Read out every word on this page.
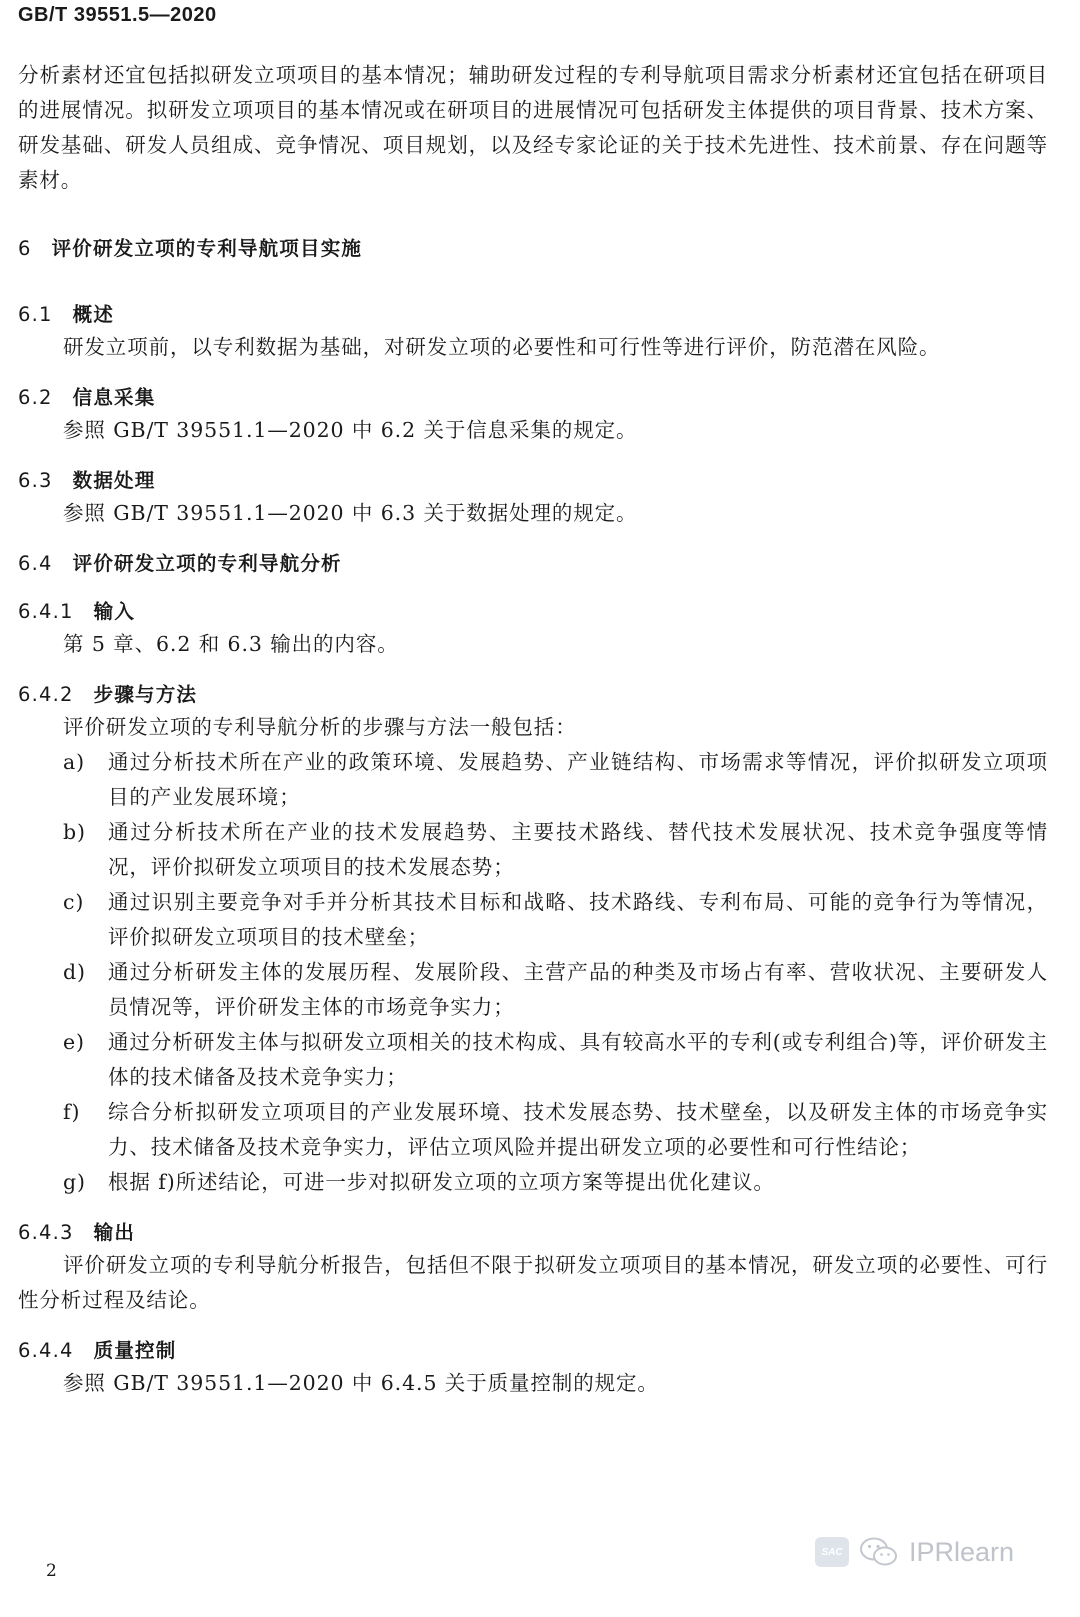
GB/T 39551.5—2020

分析素材还宜包括拟研发立项项目的基本情况；辅助研发过程的专利导航项目需求分析素材还宜包括在研项目的进展情况。拟研发立项项目的基本情况或在研项目的进展情况可包括研发主体提供的项目背景、技术方案、研发基础、研发人员组成、竞争情况、项目规划，以及经专家论证的关于技术先进性、技术前景、存在问题等素材。

6 评价研发立项的专利导航项目实施
6.1 概述

研发立项前，以专利数据为基础，对研发立项的必要性和可行性等进行评价，防范潜在风险。

6.2 信息采集

参照 GB/T 39551.1—2020 中 6.2 关于信息采集的规定。

6.3 数据处理

参照 GB/T 39551.1—2020 中 6.3 关于数据处理的规定。

6.4 评价研发立项的专利导航分析
6.4.1 输入

第 5 章、6.2 和 6.3 输出的内容。

6.4.2 步骤与方法

评价研发立项的专利导航分析的步骤与方法一般包括：

a) 通过分析技术所在产业的政策环境、发展趋势、产业链结构、市场需求等情况，评价拟研发立项项目的产业发展环境；
b) 通过分析技术所在产业的技术发展趋势、主要技术路线、替代技术发展状况、技术竞争强度等情况，评价拟研发立项项目的技术发展态势；
c) 通过识别主要竞争对手并分析其技术目标和战略、技术路线、专利布局、可能的竞争行为等情况，评价拟研发立项项目的技术壁垒；
d) 通过分析研发主体的发展历程、发展阶段、主营产品的种类及市场占有率、营收状况、主要研发人员情况等，评价研发主体的市场竞争实力；
e) 通过分析研发主体与拟研发立项相关的技术构成、具有较高水平的专利(或专利组合)等，评价研发主体的技术储备及技术竞争实力；
f) 综合分析拟研发立项项目的产业发展环境、技术发展态势、技术壁垒，以及研发主体的市场竞争实力、技术储备及技术竞争实力，评估立项风险并提出研发立项的必要性和可行性结论；
g) 根据 f)所述结论，可进一步对拟研发立项的立项方案等提出优化建议。
6.4.3 输出

评价研发立项的专利导航分析报告，包括但不限于拟研发立项项目的基本情况，研发立项的必要性、可行性分析过程及结论。

6.4.4 质量控制

参照 GB/T 39551.1—2020 中 6.4.5 关于质量控制的规定。

2
SAC IPRlearn
